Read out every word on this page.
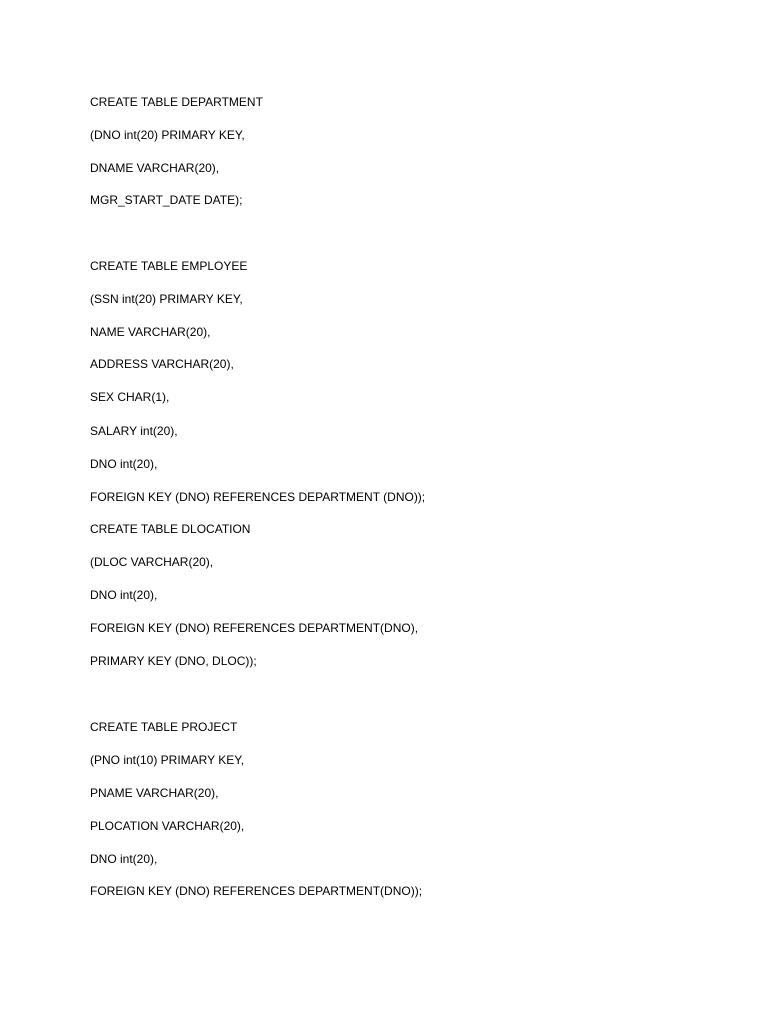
CREATE TABLE DEPARTMENT
(DNO int(20) PRIMARY KEY,
DNAME VARCHAR(20),
MGR_START_DATE DATE);
CREATE TABLE EMPLOYEE
(SSN int(20) PRIMARY KEY,
NAME VARCHAR(20),
ADDRESS VARCHAR(20),
SEX CHAR(1),
SALARY int(20),
DNO int(20),
FOREIGN KEY (DNO) REFERENCES DEPARTMENT (DNO));
CREATE TABLE DLOCATION
(DLOC VARCHAR(20),
DNO int(20),
FOREIGN KEY (DNO) REFERENCES DEPARTMENT(DNO),
PRIMARY KEY (DNO, DLOC));
CREATE TABLE PROJECT
(PNO int(10) PRIMARY KEY,
PNAME VARCHAR(20),
PLOCATION VARCHAR(20),
DNO int(20),
FOREIGN KEY (DNO) REFERENCES DEPARTMENT(DNO));
